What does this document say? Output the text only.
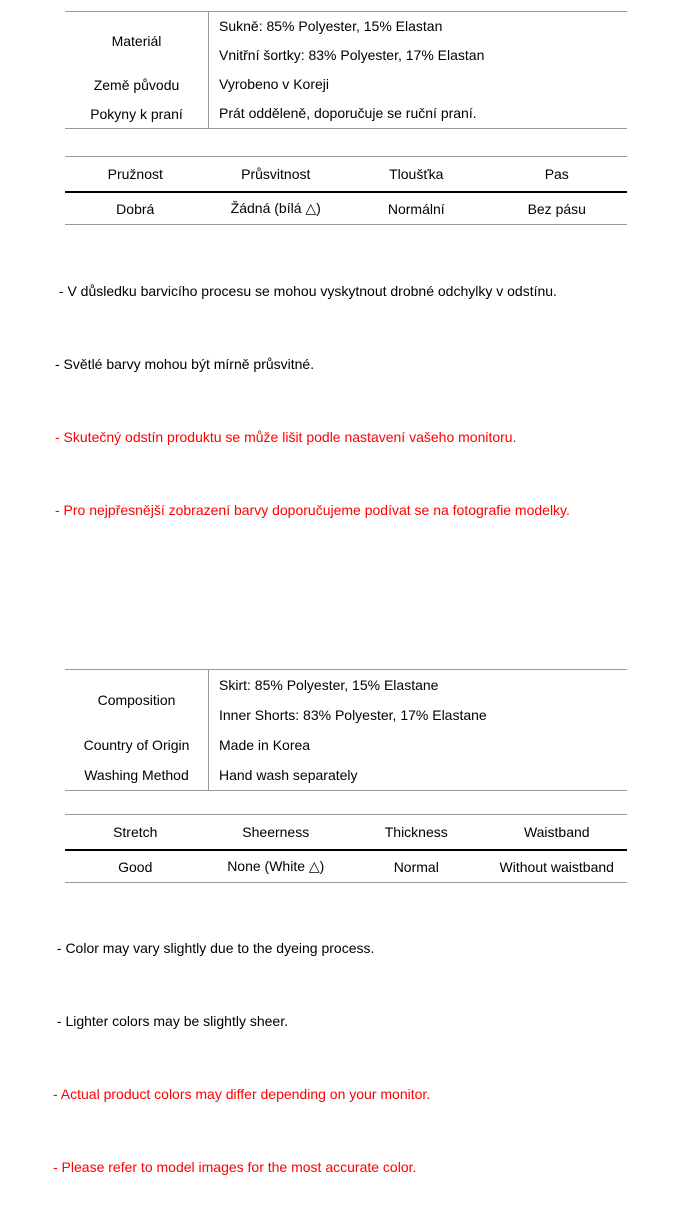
Materiál	Sukně: 85% Polyester, 15% Elastan
Vnitřní šortky: 83% Polyester, 17% Elastan

Země původu	Vyrobeno v Koreji

Pokyny k praní	Prát odděleně, doporučuje se ruční praní.
Pružnost	Průsvitnost	Tloušťka	Pas
Dobrá	Žádná (bílá △)	Normální	Bez pásu

- V důsledku barvicího procesu se mohou vyskytnout drobné odchylky v odstínu.

- Světlé barvy mohou být mírně průsvitné.

- Skutečný odstín produktu se může lišit podle nastavení vašeho monitoru.

- Pro nejpřesnější zobrazení barvy doporučujeme podívat se na fotografie modelky.

Composition	Skirt: 85% Polyester, 15% Elastane
Inner Shorts: 83% Polyester, 17% Elastane

Country of Origin	Made in Korea

Washing Method	Hand wash separately
Stretch	Sheerness	Thickness	Waistband
Good	None (White △)	Normal	Without waistband

- Color may vary slightly due to the dyeing process.

- Lighter colors may be slightly sheer.

- Actual product colors may differ depending on your monitor.

- Please refer to model images for the most accurate color.
